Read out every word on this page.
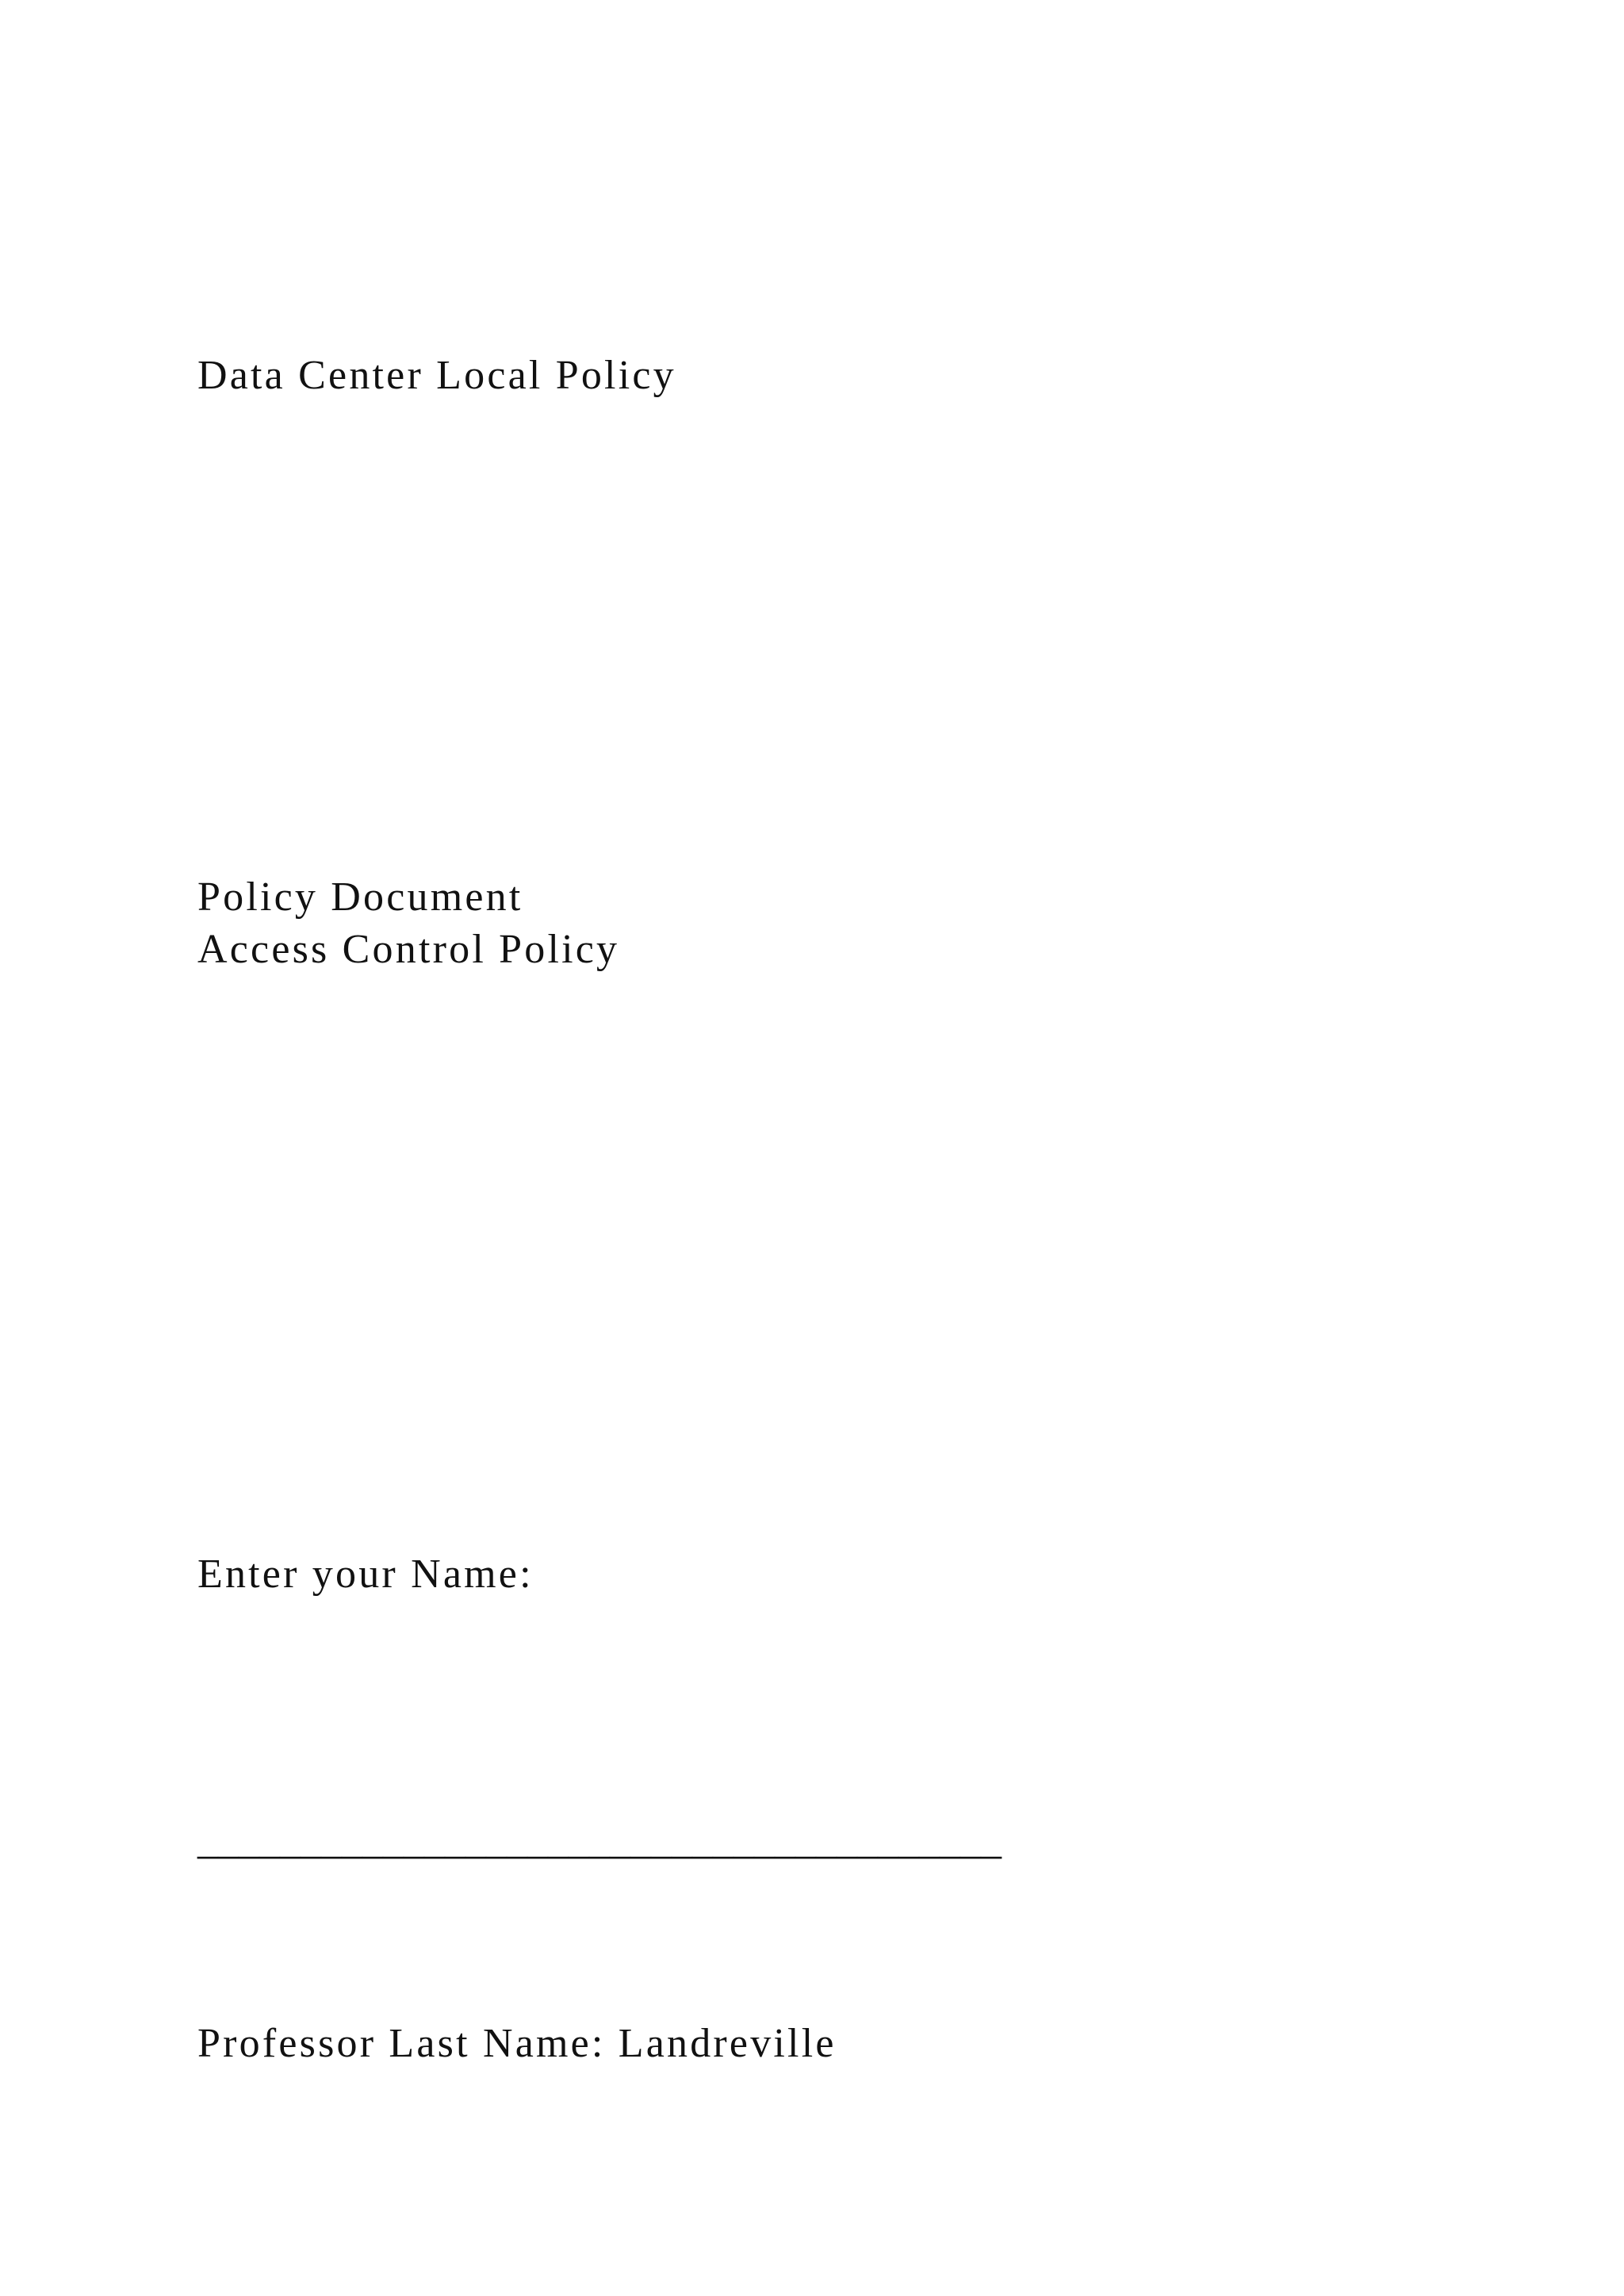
Data Center Local Policy

Policy Document

Access Control Policy

Enter your Name:

_______________________________________

Professor Last Name: Landreville
